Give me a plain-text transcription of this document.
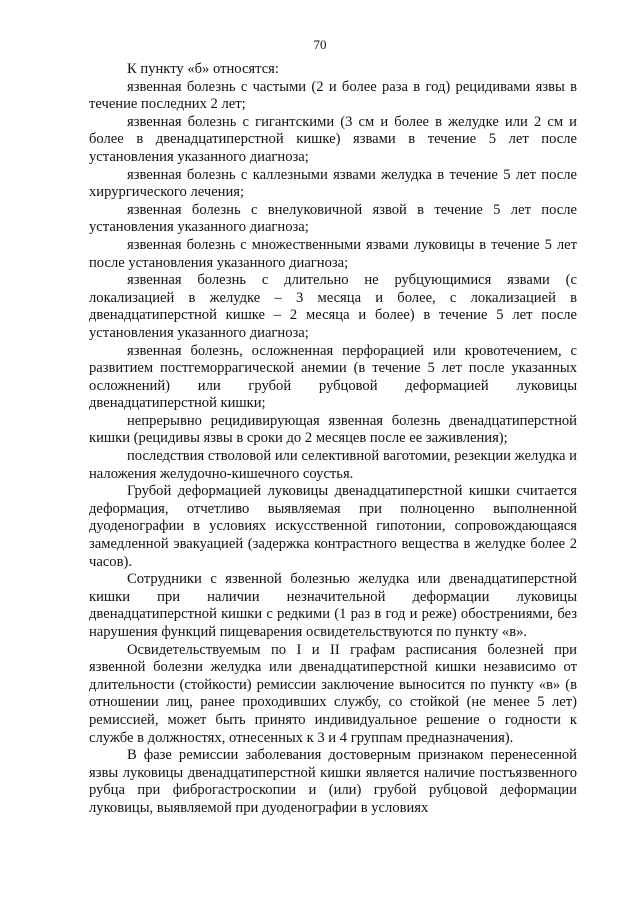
70

К пункту «б» относятся:

язвенная болезнь с частыми (2 и более раза в год) рецидивами язвы в течение последних 2 лет;

язвенная болезнь с гигантскими (3 см и более в желудке или 2 см и более в двенадцатиперстной кишке) язвами в течение 5 лет после установления указанного диагноза;

язвенная болезнь с каллезными язвами желудка в течение 5 лет после хирургического лечения;

язвенная болезнь с внелуковичной язвой в течение 5 лет после установления указанного диагноза;

язвенная болезнь с множественными язвами луковицы в течение 5 лет после установления указанного диагноза;

язвенная болезнь с длительно не рубцующимися язвами (с локализацией в желудке – 3 месяца и более, с локализацией в двенадцатиперстной кишке – 2 месяца и более) в течение 5 лет после установления указанного диагноза;

язвенная болезнь, осложненная перфорацией или кровотечением, с развитием постгеморрагической анемии (в течение 5 лет после указанных осложнений) или грубой рубцовой деформацией луковицы двенадцатиперстной кишки;

непрерывно рецидивирующая язвенная болезнь двенадцатиперстной кишки (рецидивы язвы в сроки до 2 месяцев после ее заживления);

последствия стволовой или селективной ваготомии, резекции желудка и наложения желудочно-кишечного соустья.

Грубой деформацией луковицы двенадцатиперстной кишки считается деформация, отчетливо выявляемая при полноценно выполненной дуоденографии в условиях искусственной гипотонии, сопровождающаяся замедленной эвакуацией (задержка контрастного вещества в желудке более 2 часов).

Сотрудники с язвенной болезнью желудка или двенадцатиперстной кишки при наличии незначительной деформации луковицы двенадцатиперстной кишки с редкими (1 раз в год и реже) обострениями, без нарушения функций пищеварения освидетельствуются по пункту «в».

Освидетельствуемым по I и II графам расписания болезней при язвенной болезни желудка или двенадцатиперстной кишки независимо от длительности (стойкости) ремиссии заключение выносится по пункту «в» (в отношении лиц, ранее проходивших службу, со стойкой (не менее 5 лет) ремиссией, может быть принято индивидуальное решение о годности к службе в должностях, отнесенных к 3 и 4 группам предназначения).

В фазе ремиссии заболевания достоверным признаком перенесенной язвы луковицы двенадцатиперстной кишки является наличие постъязвенного рубца при фиброгастроскопии и (или) грубой рубцовой деформации луковицы, выявляемой при дуоденографии в условиях
